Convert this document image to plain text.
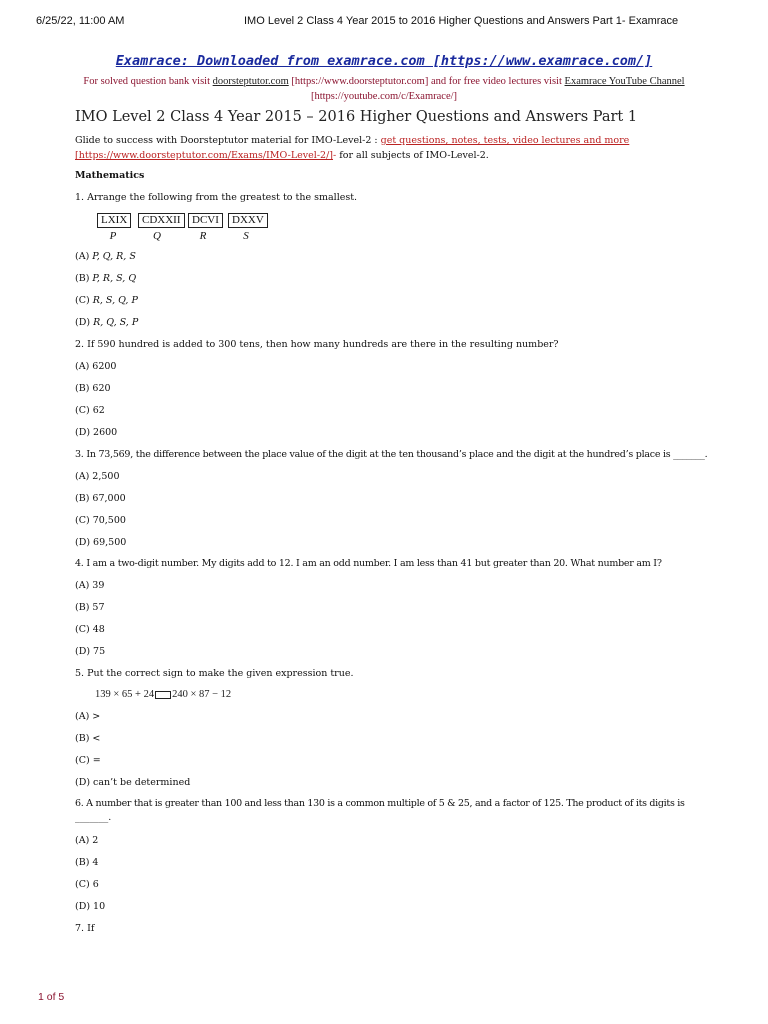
6/25/22, 11:00 AM	IMO Level 2 Class 4 Year 2015 to 2016 Higher Questions and Answers Part 1- Examrace
Examrace: Downloaded from examrace.com [https://www.examrace.com/]
For solved question bank visit doorsteptutor.com [https://www.doorsteptutor.com] and for free video lectures visit Examrace YouTube Channel [https://youtube.com/c/Examrace/]
IMO Level 2 Class 4 Year 2015 – 2016 Higher Questions and Answers Part 1
Glide to success with Doorsteptutor material for IMO-Level-2 : get questions, notes, tests, video lectures and more
[https://www.doorsteptutor.com/Exams/IMO-Level-2/]- for all subjects of IMO-Level-2.
Mathematics
1. Arrange the following from the greatest to the smallest.
LXIX	CDXXII	DCVI	DXXV
P	Q	R	S
(A) P, Q, R, S
(B) P, R, S, Q
(C) R, S, Q, P
(D) R, Q, S, P
2. If 590 hundred is added to 300 tens, then how many hundreds are there in the resulting number?
(A) 6200
(B) 620
(C) 62
(D) 2600
3. In 73,569, the difference between the place value of the digit at the ten thousand’s place and the digit at the hundred’s place is _______.
(A) 2,500
(B) 67,000
(C) 70,500
(D) 69,500
4. I am a two-digit number. My digits add to 12. I am an odd number. I am less than 41 but greater than 20. What number am I?
(A) 39
(B) 57
(C) 48
(D) 75
5. Put the correct sign to make the given expression true.
139 × 65 + 24 240 × 87 − 12
(A) >
(B) <
(C) =
(D) can’t be determined
6. A number that is greater than 100 and less than 130 is a common multiple of 5 & 25, and a factor of 125. The product of its digits is
_______.
(A) 2
(B) 4
(C) 6
(D) 10
7. If
1 of 5
